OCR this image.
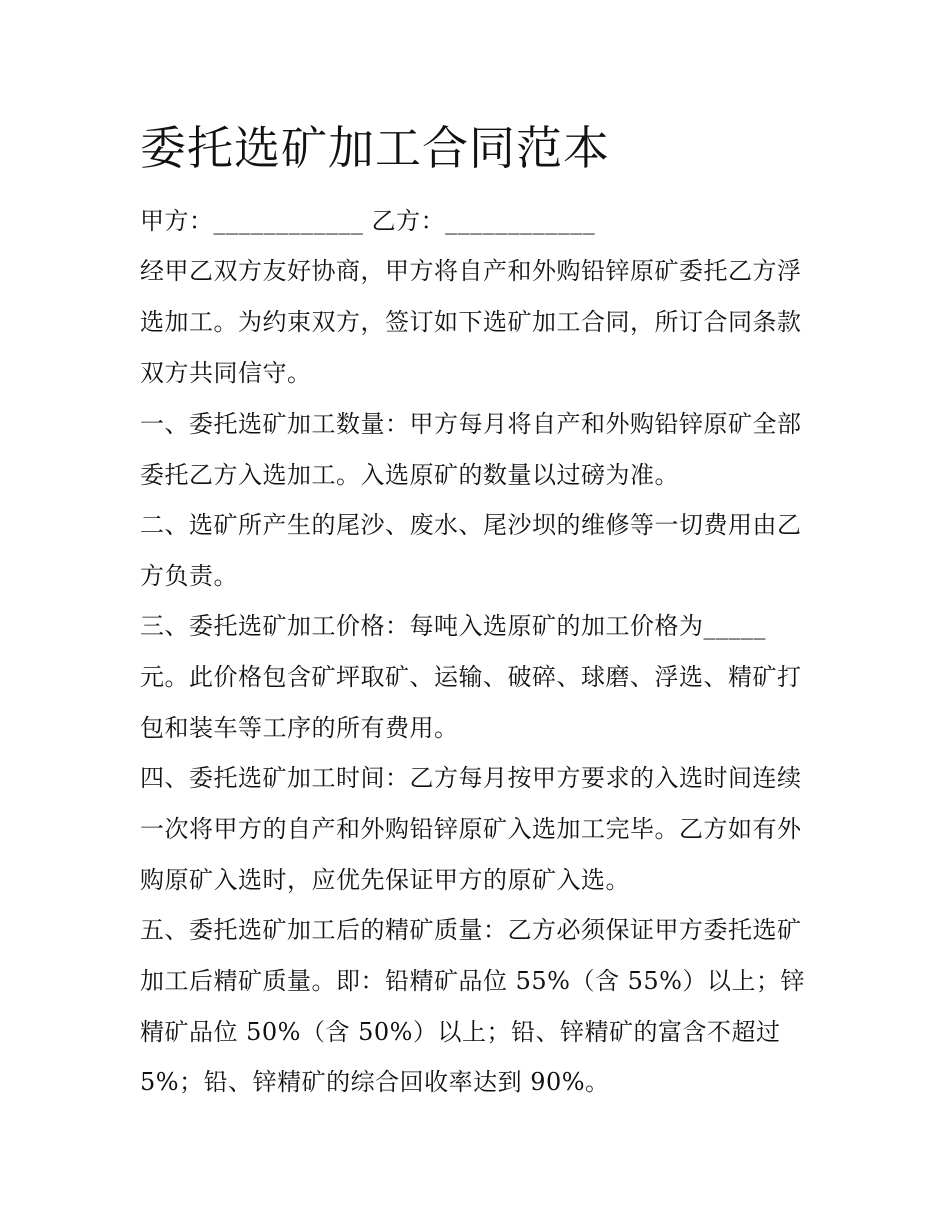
委托选矿加工合同范本
甲方：____________ 乙方：____________
经甲乙双方友好协商，甲方将自产和外购铅锌原矿委托乙方浮
选加工。为约束双方，签订如下选矿加工合同，所订合同条款
双方共同信守。
一、委托选矿加工数量：甲方每月将自产和外购铅锌原矿全部
委托乙方入选加工。入选原矿的数量以过磅为准。
二、选矿所产生的尾沙、废水、尾沙坝的维修等一切费用由乙
方负责。
三、委托选矿加工价格：每吨入选原矿的加工价格为_____
元。此价格包含矿坪取矿、运输、破碎、球磨、浮选、精矿打
包和装车等工序的所有费用。
四、委托选矿加工时间：乙方每月按甲方要求的入选时间连续
一次将甲方的自产和外购铅锌原矿入选加工完毕。乙方如有外
购原矿入选时，应优先保证甲方的原矿入选。
五、委托选矿加工后的精矿质量：乙方必须保证甲方委托选矿
加工后精矿质量。即：铅精矿品位 55%（含 55%）以上；锌
精矿品位 50%（含 50%）以上；铅、锌精矿的富含不超过
5%；铅、锌精矿的综合回收率达到 90%。
